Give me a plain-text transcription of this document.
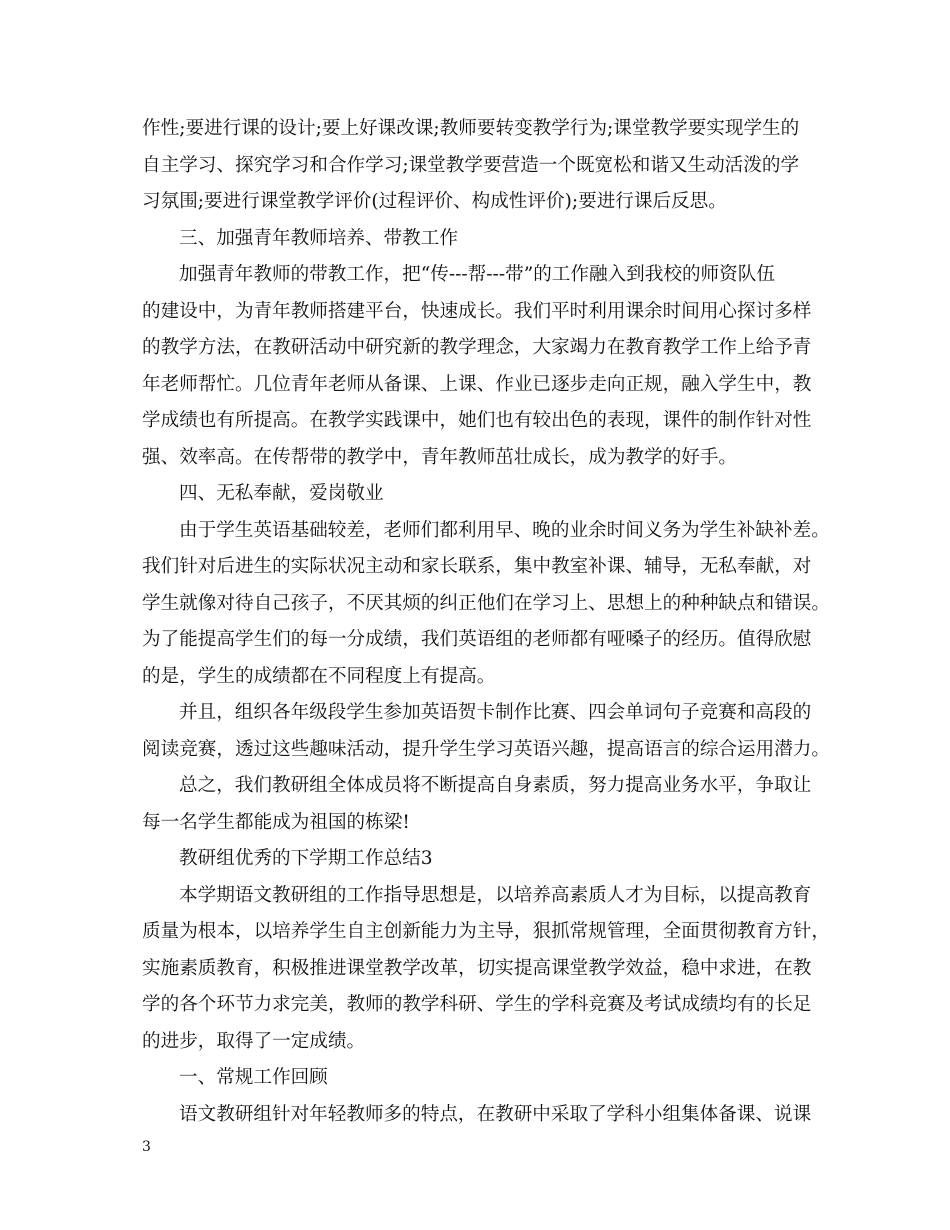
作性;要进行课的设计;要上好课改课;教师要转变教学行为;课堂教学要实现学生的
自主学习、探究学习和合作学习;课堂教学要营造一个既宽松和谐又生动活泼的学
习氛围;要进行课堂教学评价(过程评价、构成性评价);要进行课后反思。
三、加强青年教师培养、带教工作
加强青年教师的带教工作，把“传---帮---带”的工作融入到我校的师资队伍
的建设中，为青年教师搭建平台，快速成长。我们平时利用课余时间用心探讨多样
的教学方法，在教研活动中研究新的教学理念，大家竭力在教育教学工作上给予青
年老师帮忙。几位青年老师从备课、上课、作业已逐步走向正规，融入学生中，教
学成绩也有所提高。在教学实践课中，她们也有较出色的表现，课件的制作针对性
强、效率高。在传帮带的教学中，青年教师茁壮成长，成为教学的好手。
四、无私奉献，爱岗敬业
由于学生英语基础较差，老师们都利用早、晚的业余时间义务为学生补缺补差。
我们针对后进生的实际状况主动和家长联系，集中教室补课、辅导，无私奉献，对
学生就像对待自己孩子，不厌其烦的纠正他们在学习上、思想上的种种缺点和错误。
为了能提高学生们的每一分成绩，我们英语组的老师都有哑嗓子的经历。值得欣慰
的是，学生的成绩都在不同程度上有提高。
并且，组织各年级段学生参加英语贺卡制作比赛、四会单词句子竞赛和高段的
阅读竞赛，透过这些趣味活动，提升学生学习英语兴趣，提高语言的综合运用潜力。
总之，我们教研组全体成员将不断提高自身素质，努力提高业务水平，争取让
每一名学生都能成为祖国的栋梁!
教研组优秀的下学期工作总结3
本学期语文教研组的工作指导思想是，以培养高素质人才为目标，以提高教育
质量为根本，以培养学生自主创新能力为主导，狠抓常规管理，全面贯彻教育方针，
实施素质教育，积极推进课堂教学改革，切实提高课堂教学效益，稳中求进，在教
学的各个环节力求完美，教师的教学科研、学生的学科竞赛及考试成绩均有的长足
的进步，取得了一定成绩。
一、常规工作回顾
语文教研组针对年轻教师多的特点，在教研中采取了学科小组集体备课、说课

3
